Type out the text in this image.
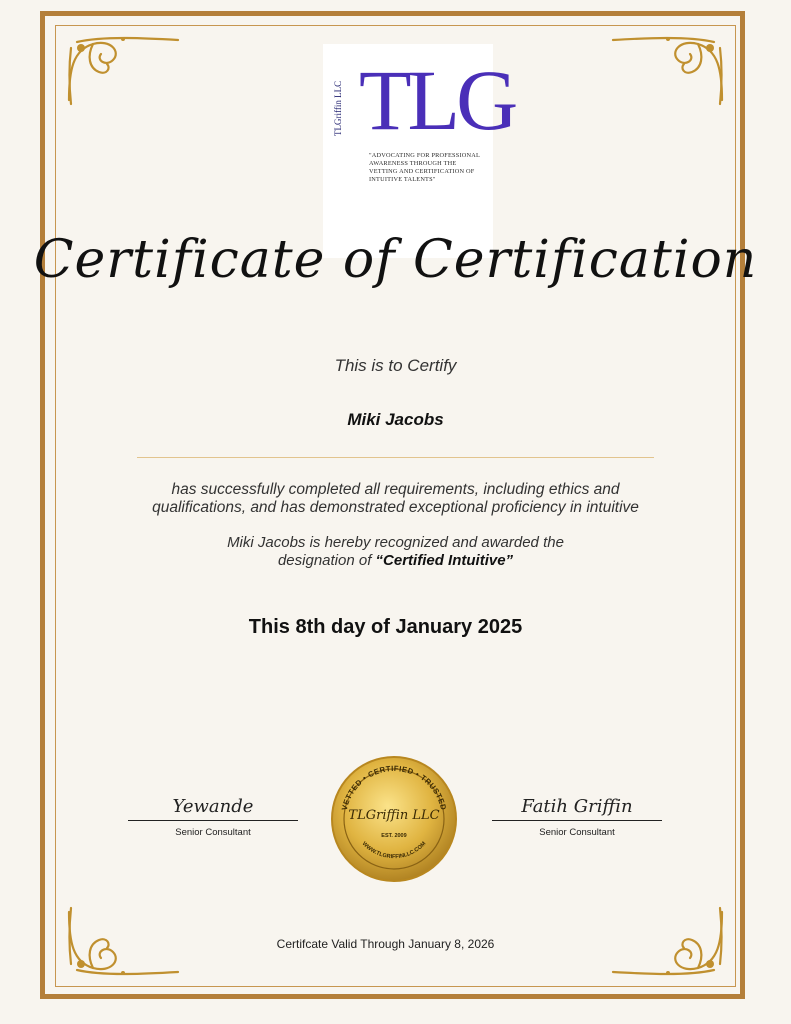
TLG
TLGriffin LLC
"ADVOCATING FOR PROFESSIONAL
AWARENESS THROUGH THE
VETTING AND CERTIFICATION OF
INTUITIVE TALENTS"
Certificate of Certification
This is to Certify
Miki Jacobs
has successfully completed all requirements, including ethics and
qualifications, and has demonstrated exceptional proficiency in intuitive
Miki Jacobs is hereby recognized and awarded the
designation of “Certified Intuitive”
This 8th day of January 2025
Yewande
Senior Consultant
Fatih Griffin
Senior Consultant
VETTED • CERTIFIED • TRUSTED
TLGriffin LLC
EST. 2009
WWW.TLGRIFFINLLC.COM
Certifcate Valid Through January 8, 2026
